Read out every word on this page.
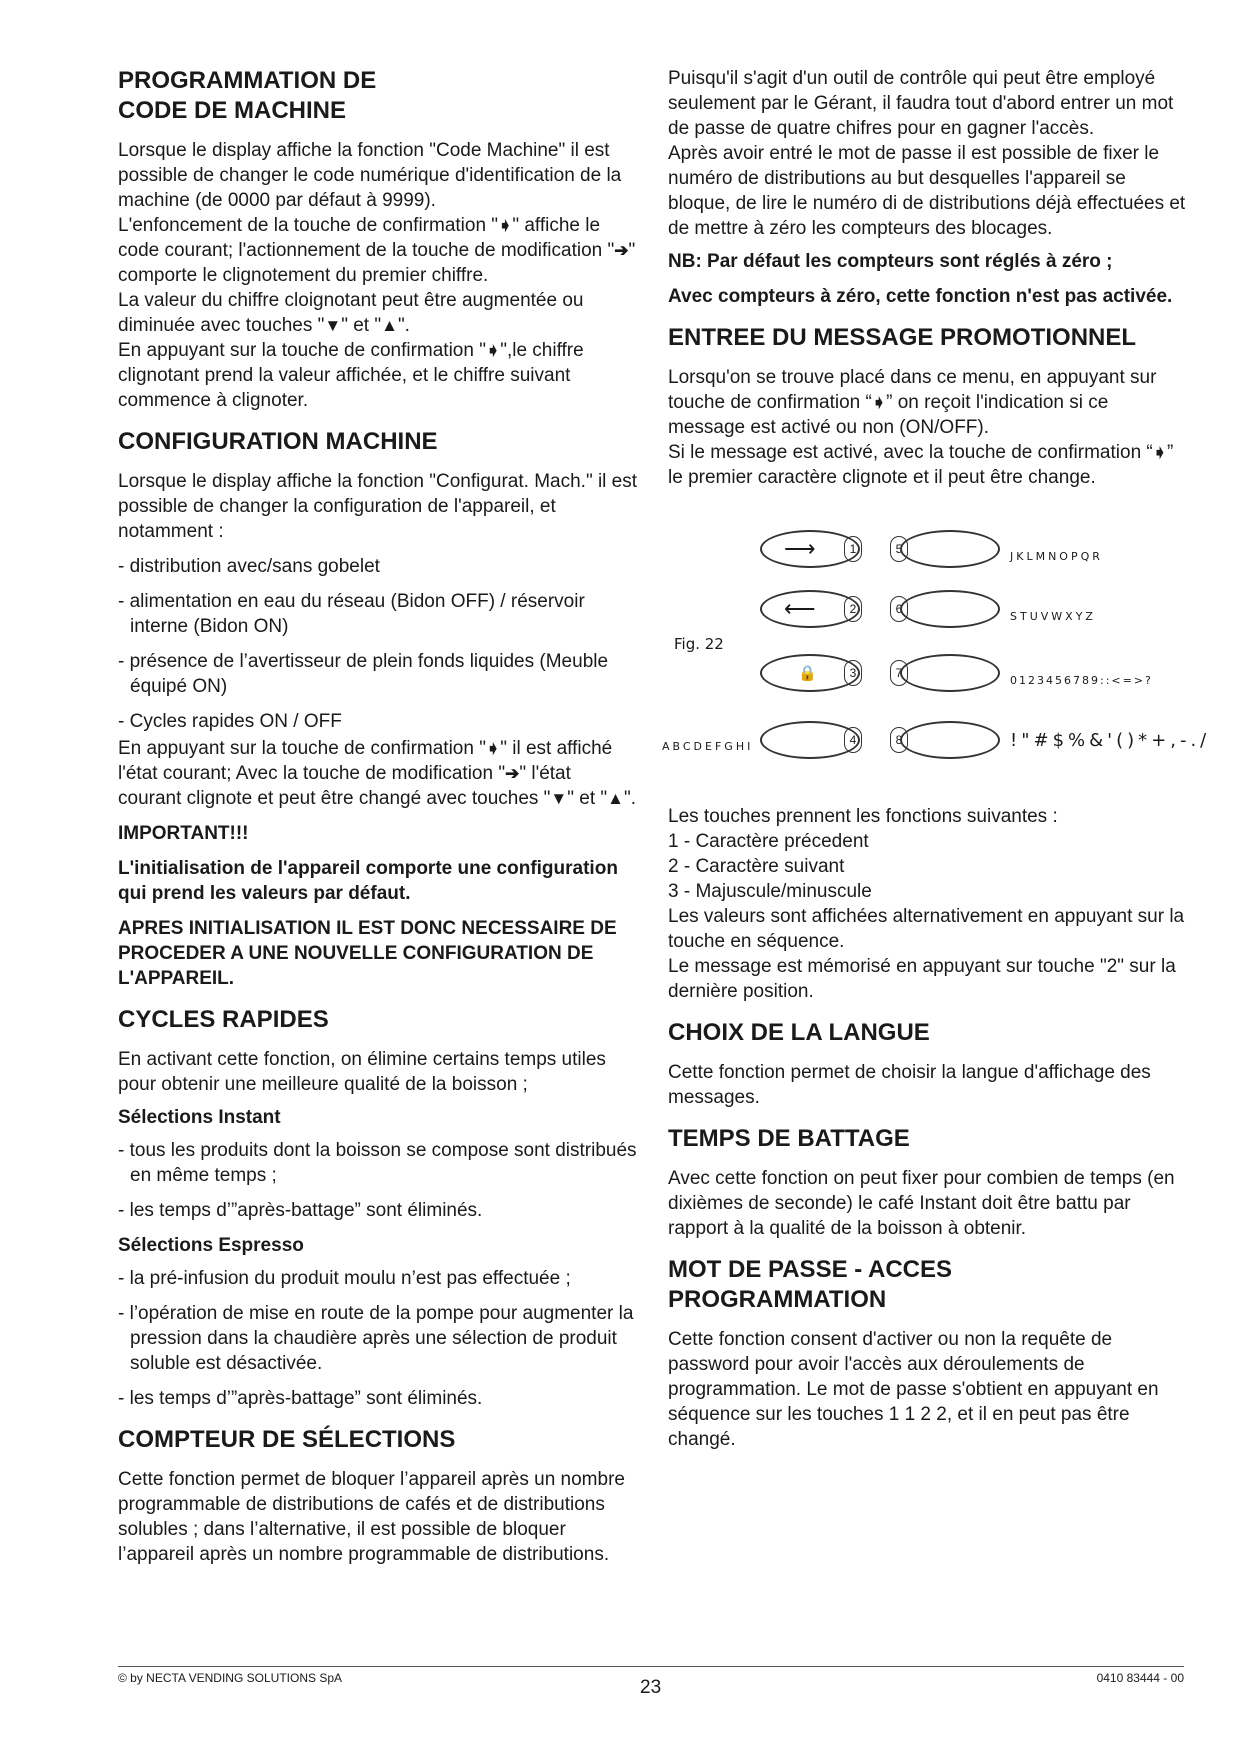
PROGRAMMATION DE
CODE DE MACHINE

Lorsque le display affiche la fonction "Code Machine" il est possible de changer le code numérique d'identification de la machine (de 0000 par défaut à 9999).

L'enfoncement de la touche de confirmation "➧" affiche le code courant; l'actionnement de la touche de modification "➔" comporte le clignotement du premier chiffre.

La valeur du chiffre cloignotant peut être augmentée ou diminuée avec touches "▼" et "▲".

En appuyant sur la touche de confirmation "➧",le chiffre clignotant prend la valeur affichée, et le chiffre suivant commence à clignoter.

CONFIGURATION MACHINE

Lorsque le display affiche la fonction "Configurat. Mach." il est possible de changer la configuration de l'appareil, et notamment :

- distribution avec/sans gobelet

- alimentation en eau du réseau (Bidon OFF) / réservoir interne (Bidon ON)

- présence de l’avertisseur de plein fonds liquides (Meuble équipé ON)

- Cycles rapides ON / OFF

En appuyant sur la touche de confirmation "➧" il est affiché l'état courant; Avec la touche de modification "➔" l'état courant clignote et peut être changé avec touches "▼" et "▲".

IMPORTANT!!!

L'initialisation de l'appareil comporte une configuration qui prend les valeurs par défaut.

APRES INITIALISATION IL EST DONC NECESSAIRE DE PROCEDER A UNE NOUVELLE CONFIGURATION DE L'APPAREIL.

CYCLES RAPIDES

En activant cette fonction, on élimine certains temps utiles pour obtenir une meilleure qualité de la boisson ;

Sélections Instant

- tous les produits dont la boisson se compose sont distribués en même temps ;

- les temps d’”après-battage” sont éliminés.

Sélections Espresso

- la pré-infusion du produit moulu n’est pas effectuée ;

- l’opération de mise en route de la pompe pour augmenter la pression dans la chaudière après une sélection de produit soluble est désactivée.

- les temps d’”après-battage” sont éliminés.

COMPTEUR DE SÉLECTIONS

Cette fonction permet de bloquer l’appareil après un nombre programmable de distributions de cafés et de distributions solubles ; dans l’alternative, il est possible de bloquer l’appareil après un nombre programmable de distributions.

Puisqu'il s'agit d'un outil de contrôle qui peut être employé seulement par le Gérant, il faudra tout d'abord entrer un mot de passe de quatre chifres pour en gagner l'accès.

Après avoir entré le mot de passe il est possible de fixer le numéro de distributions au but desquelles l'appareil se bloque, de lire le numéro di de distributions déjà effectuées et de mettre à zéro les compteurs des blocages.

NB: Par défaut les compteurs sont réglés à zéro ;

Avec compteurs à zéro, cette fonction n'est pas activée.

ENTREE DU MESSAGE PROMOTIONNEL

Lorsqu'on se trouve placé dans ce menu, en appuyant sur touche de confirmation “➧” on reçoit l'indication si ce message est activé ou non (ON/OFF).

Si le message est activé, avec la touche de confirmation “➧” le premier caractère clignote et il peut être change.

Fig. 22
⟶	1
⟵	2
🔒	3
4
ABCDEFGHI
5
JKLMNOPQR
6
STUVWXYZ
7
0123456789::<=>?
8	!"#$%&'()*+,-./

Les touches prennent les fonctions suivantes :

1 - Caractère précedent

2 - Caractère suivant

3 - Majuscule/minuscule

Les valeurs sont affichées alternativement en appuyant sur la touche en séquence.

Le message est mémorisé en appuyant sur touche "2" sur la dernière position.

CHOIX DE LA LANGUE

Cette fonction permet de choisir la langue d'affichage des messages.

TEMPS DE BATTAGE

Avec cette fonction on peut fixer pour combien de temps (en dixièmes de seconde) le café Instant doit être battu par rapport à la qualité de la boisson à obtenir.

MOT DE PASSE - ACCES
PROGRAMMATION

Cette fonction consent d'activer ou non la requête de password pour avoir l'accès aux déroulements de programmation. Le mot de passe s'obtient en appuyant en séquence sur les touches 1 1 2 2, et il en peut pas être changé.

© by NECTA VENDING SOLUTIONS SpA	23	0410 83444 - 00
